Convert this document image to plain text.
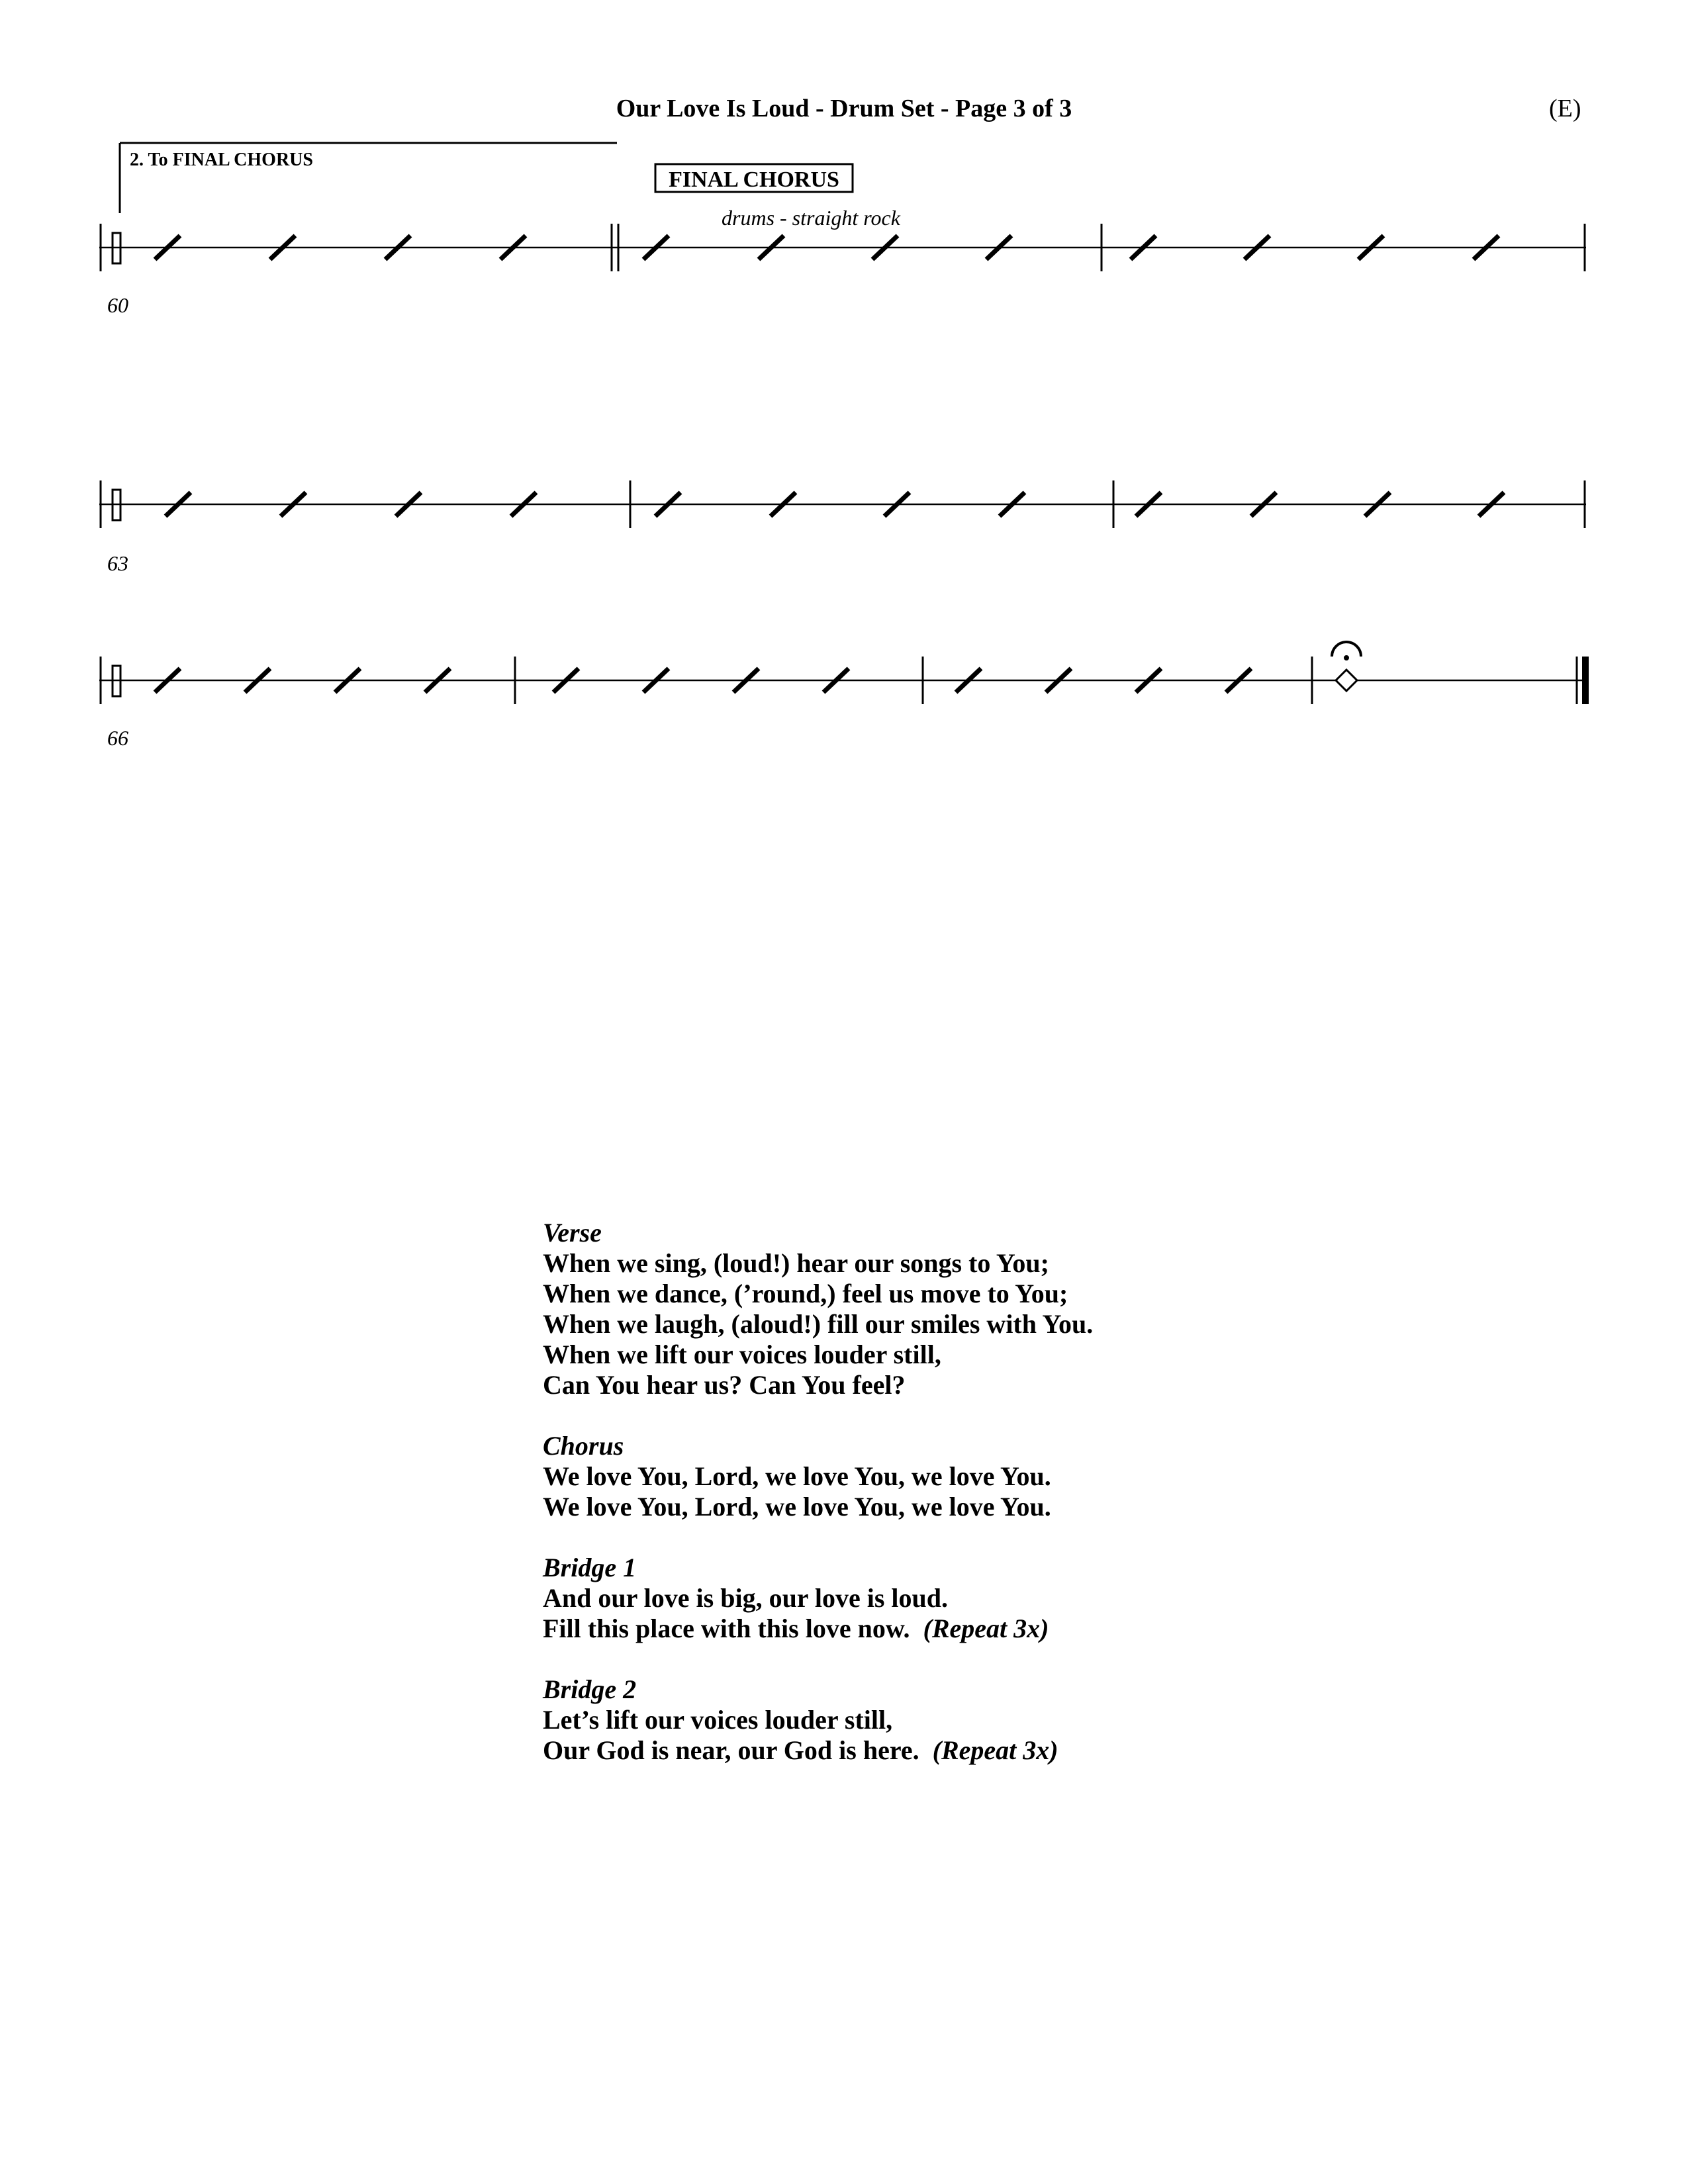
Our Love Is Loud - Drum Set - Page 3 of 3	(E)
2. To FINAL CHORUS
FINAL CHORUS
drums - straight rock
60
63
66
Verse
When we sing, (loud!) hear our songs to You;
When we dance, (’round,) feel us move to You;
When we laugh, (aloud!) fill our smiles with You.
When we lift our voices louder still,
Can You hear us? Can You feel?
Chorus
We love You, Lord, we love You, we love You.
We love You, Lord, we love You, we love You.
Bridge 1
And our love is big, our love is loud.
Fill this place with this love now. (Repeat 3x)
Bridge 2
Let’s lift our voices louder still,
Our God is near, our God is here. (Repeat 3x)
